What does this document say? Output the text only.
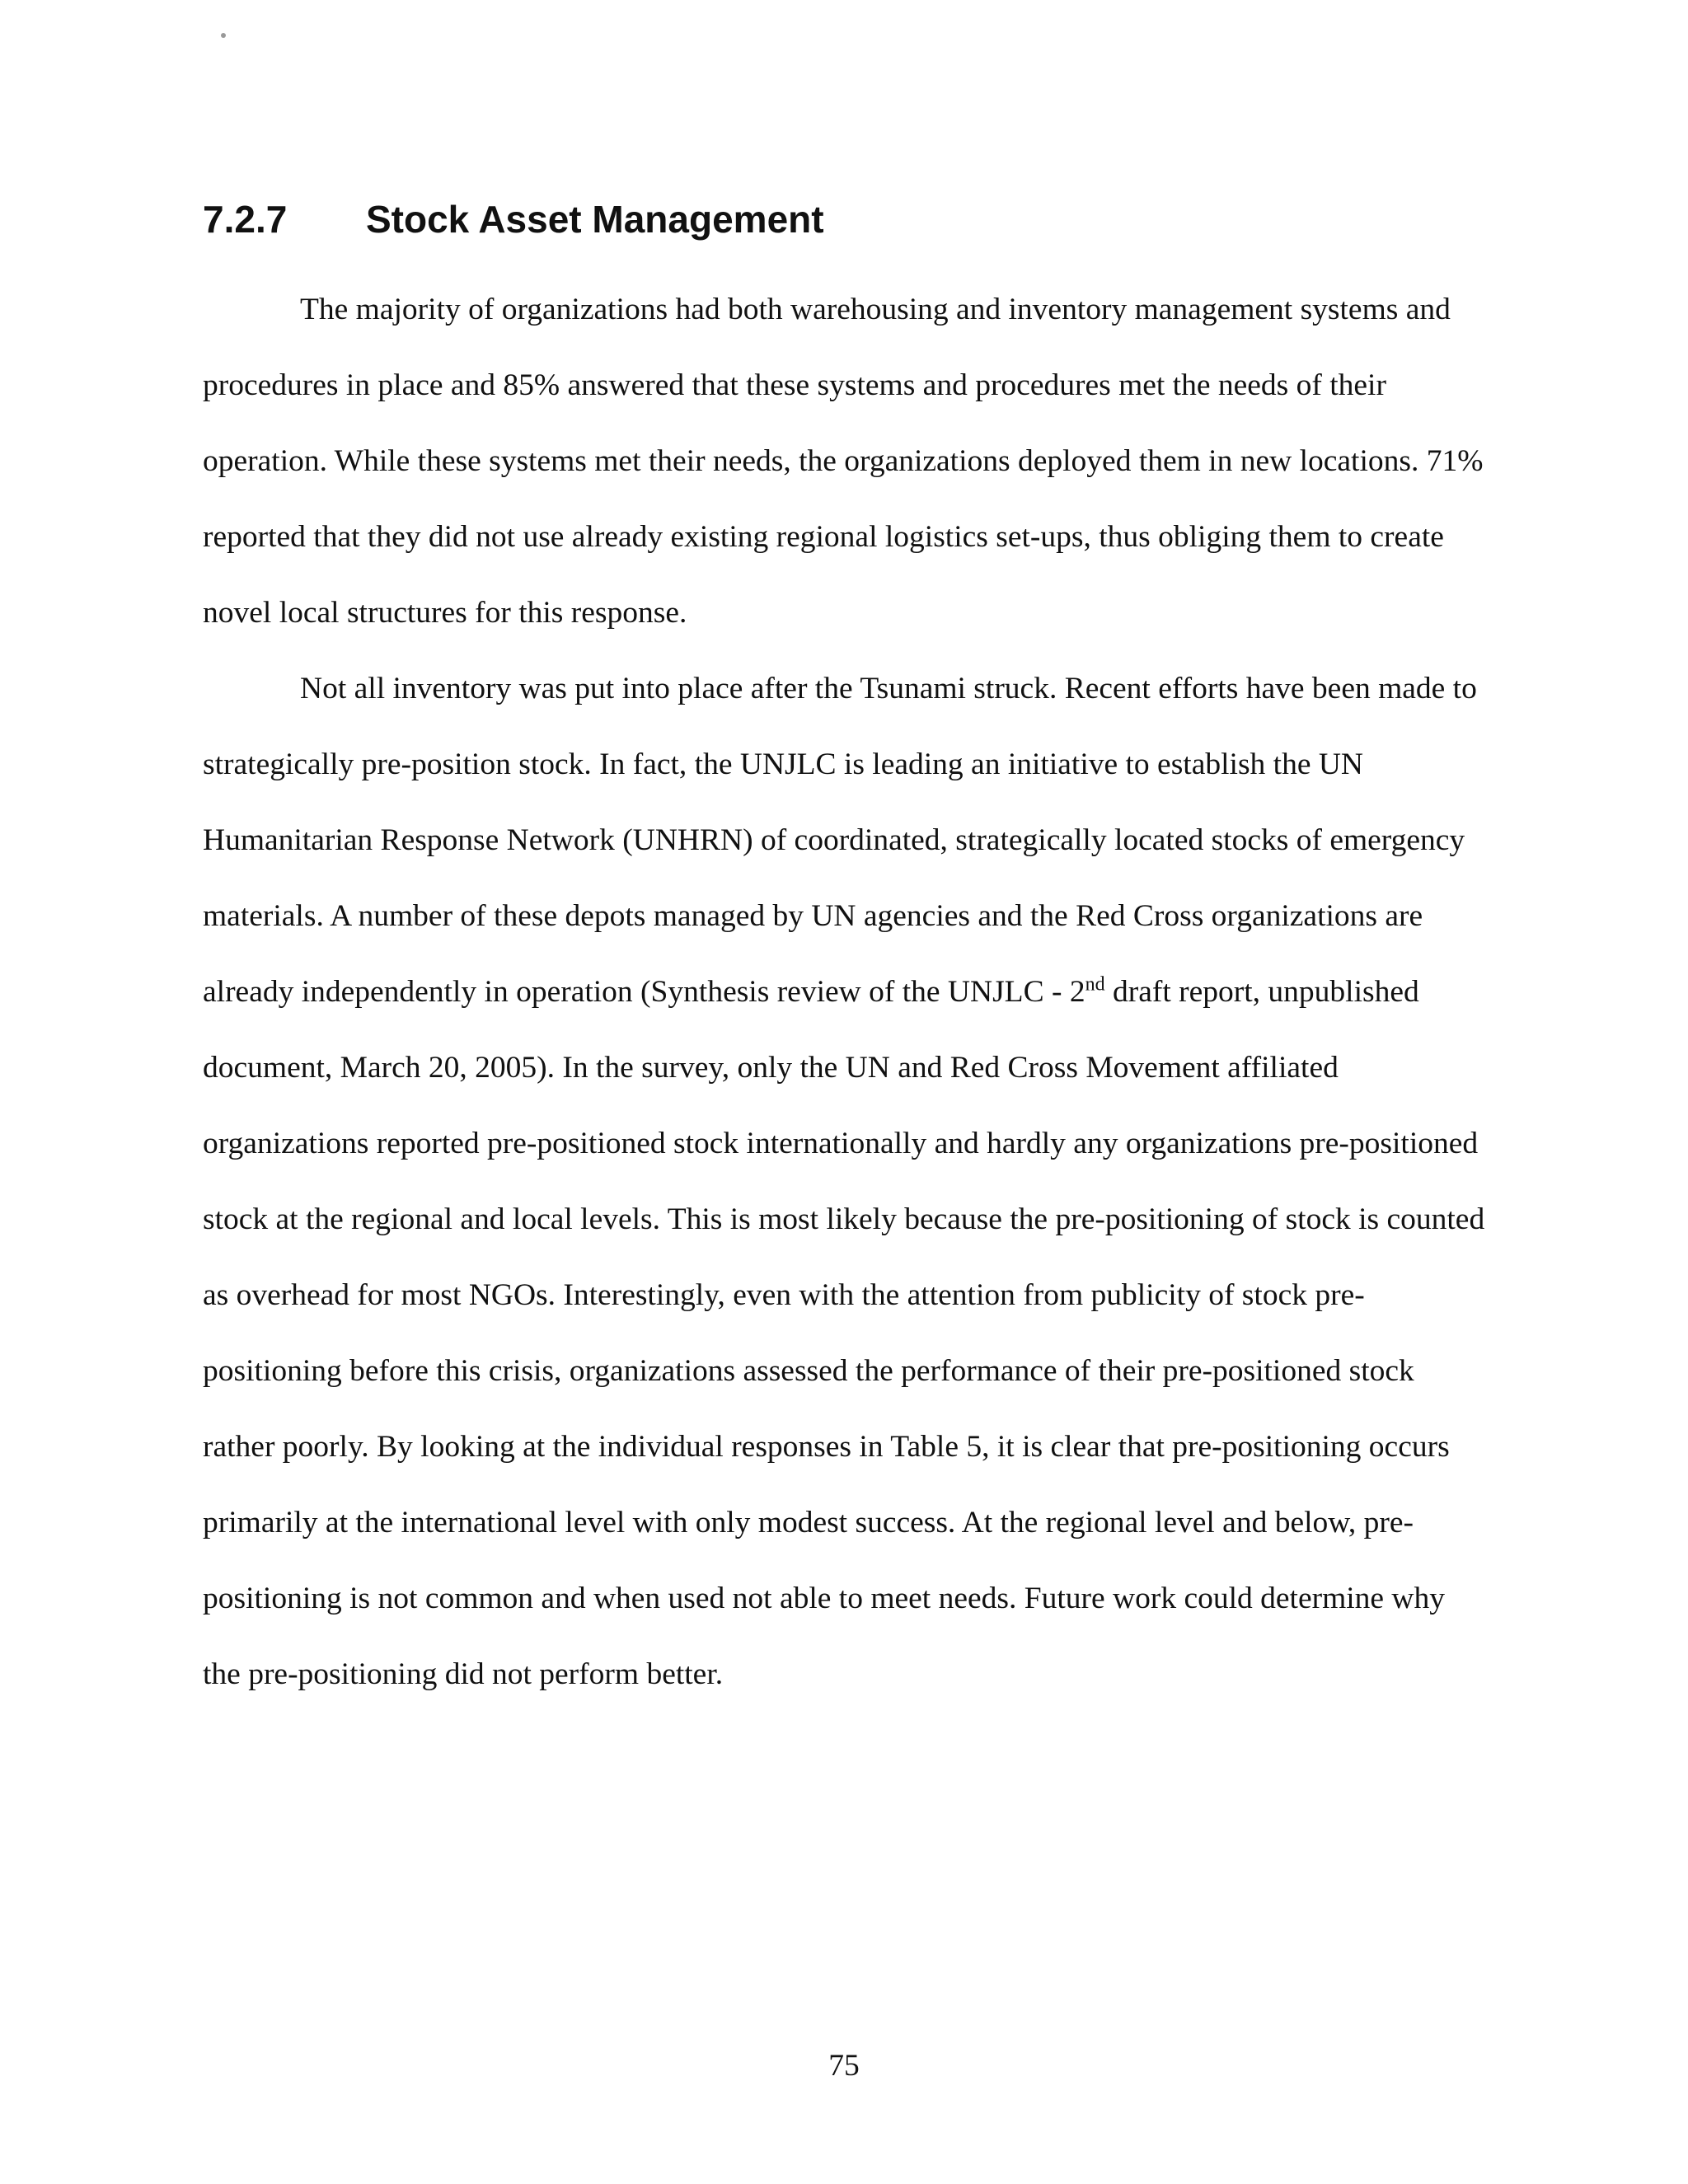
7.2.7 Stock Asset Management

The majority of organizations had both warehousing and inventory management systems and procedures in place and 85% answered that these systems and procedures met the needs of their operation. While these systems met their needs, the organizations deployed them in new locations. 71% reported that they did not use already existing regional logistics set-ups, thus obliging them to create novel local structures for this response.

Not all inventory was put into place after the Tsunami struck. Recent efforts have been made to strategically pre-position stock. In fact, the UNJLC is leading an initiative to establish the UN Humanitarian Response Network (UNHRN) of coordinated, strategically located stocks of emergency materials. A number of these depots managed by UN agencies and the Red Cross organizations are already independently in operation (Synthesis review of the UNJLC - 2nd draft report, unpublished document, March 20, 2005). In the survey, only the UN and Red Cross Movement affiliated organizations reported pre-positioned stock internationally and hardly any organizations pre-positioned stock at the regional and local levels. This is most likely because the pre-positioning of stock is counted as overhead for most NGOs. Interestingly, even with the attention from publicity of stock pre-positioning before this crisis, organizations assessed the performance of their pre-positioned stock rather poorly. By looking at the individual responses in Table 5, it is clear that pre-positioning occurs primarily at the international level with only modest success. At the regional level and below, pre-positioning is not common and when used not able to meet needs. Future work could determine why the pre-positioning did not perform better.

75
